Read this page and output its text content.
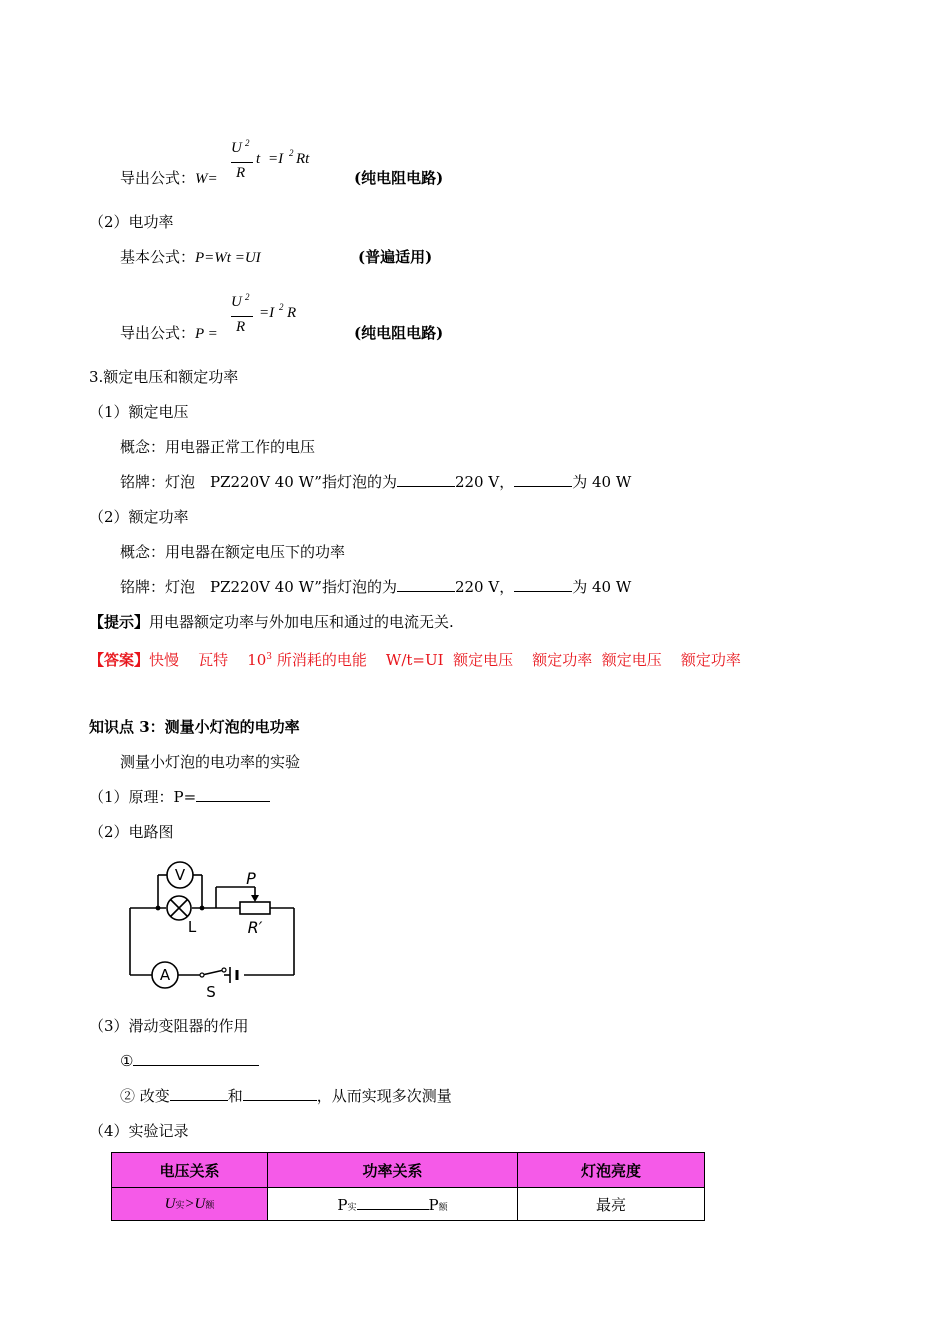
导出公式：W=
U 2
R
t =I 2 Rt
(纯电阻电路)
（2）电功率
基本公式：P=Wt =UI	(普遍适用)
导出公式：P =
U 2
R
=I 2 R
(纯电阻电路)
3.额定电压和额定功率
（1）额定电压
概念：用电器正常工作的电压
铭牌：灯泡　PZ220V 40 W”指灯泡的为	220 V，	为 40 W
（2）额定功率
概念：用电器在额定电压下的功率
铭牌：灯泡　PZ220V 40 W”指灯泡的为	220 V，	为 40 W
【提示】用电器额定功率与外加电压和通过的电流无关.
【答案】快慢 瓦特 $10^3$ 所消耗的电能 W/t=UI 额定电压 额定功率 额定电压 额定功率
知识点 3：测量小灯泡的电功率
测量小灯泡的电功率的实验
（1）原理：P=
（2）电路图
V
A
L
S
P
R′
（3）滑动变阻器的作用
①
② 改变	和	，从而实现多次测量
（4）实验记录
电压关系	功率关系	灯泡亮度
U实>U额	P实 P额	最亮
